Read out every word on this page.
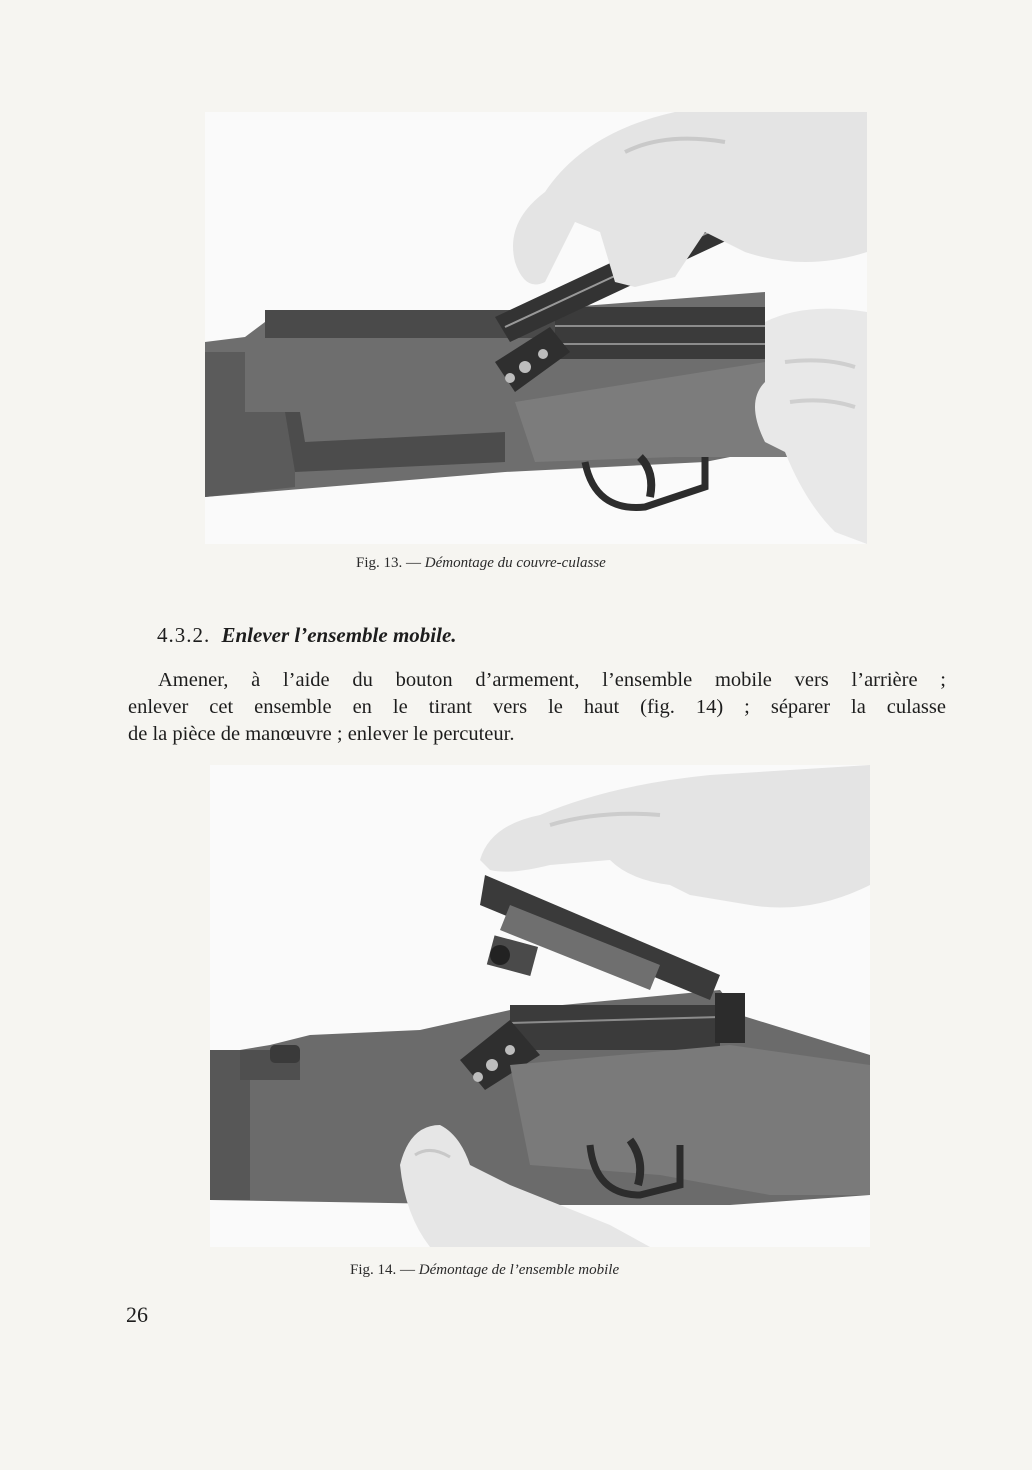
Fig. 13. — Démontage du couvre-culasse
4.3.2. Enlever l’ensemble mobile.
Amener, à l’aide du bouton d’armement, l’ensemble mobile vers l’arrière ;
enlever cet ensemble en le tirant vers le haut (fig. 14) ; séparer la culasse
de la pièce de manœuvre ; enlever le percuteur.
Fig. 14. — Démontage de l’ensemble mobile
26
